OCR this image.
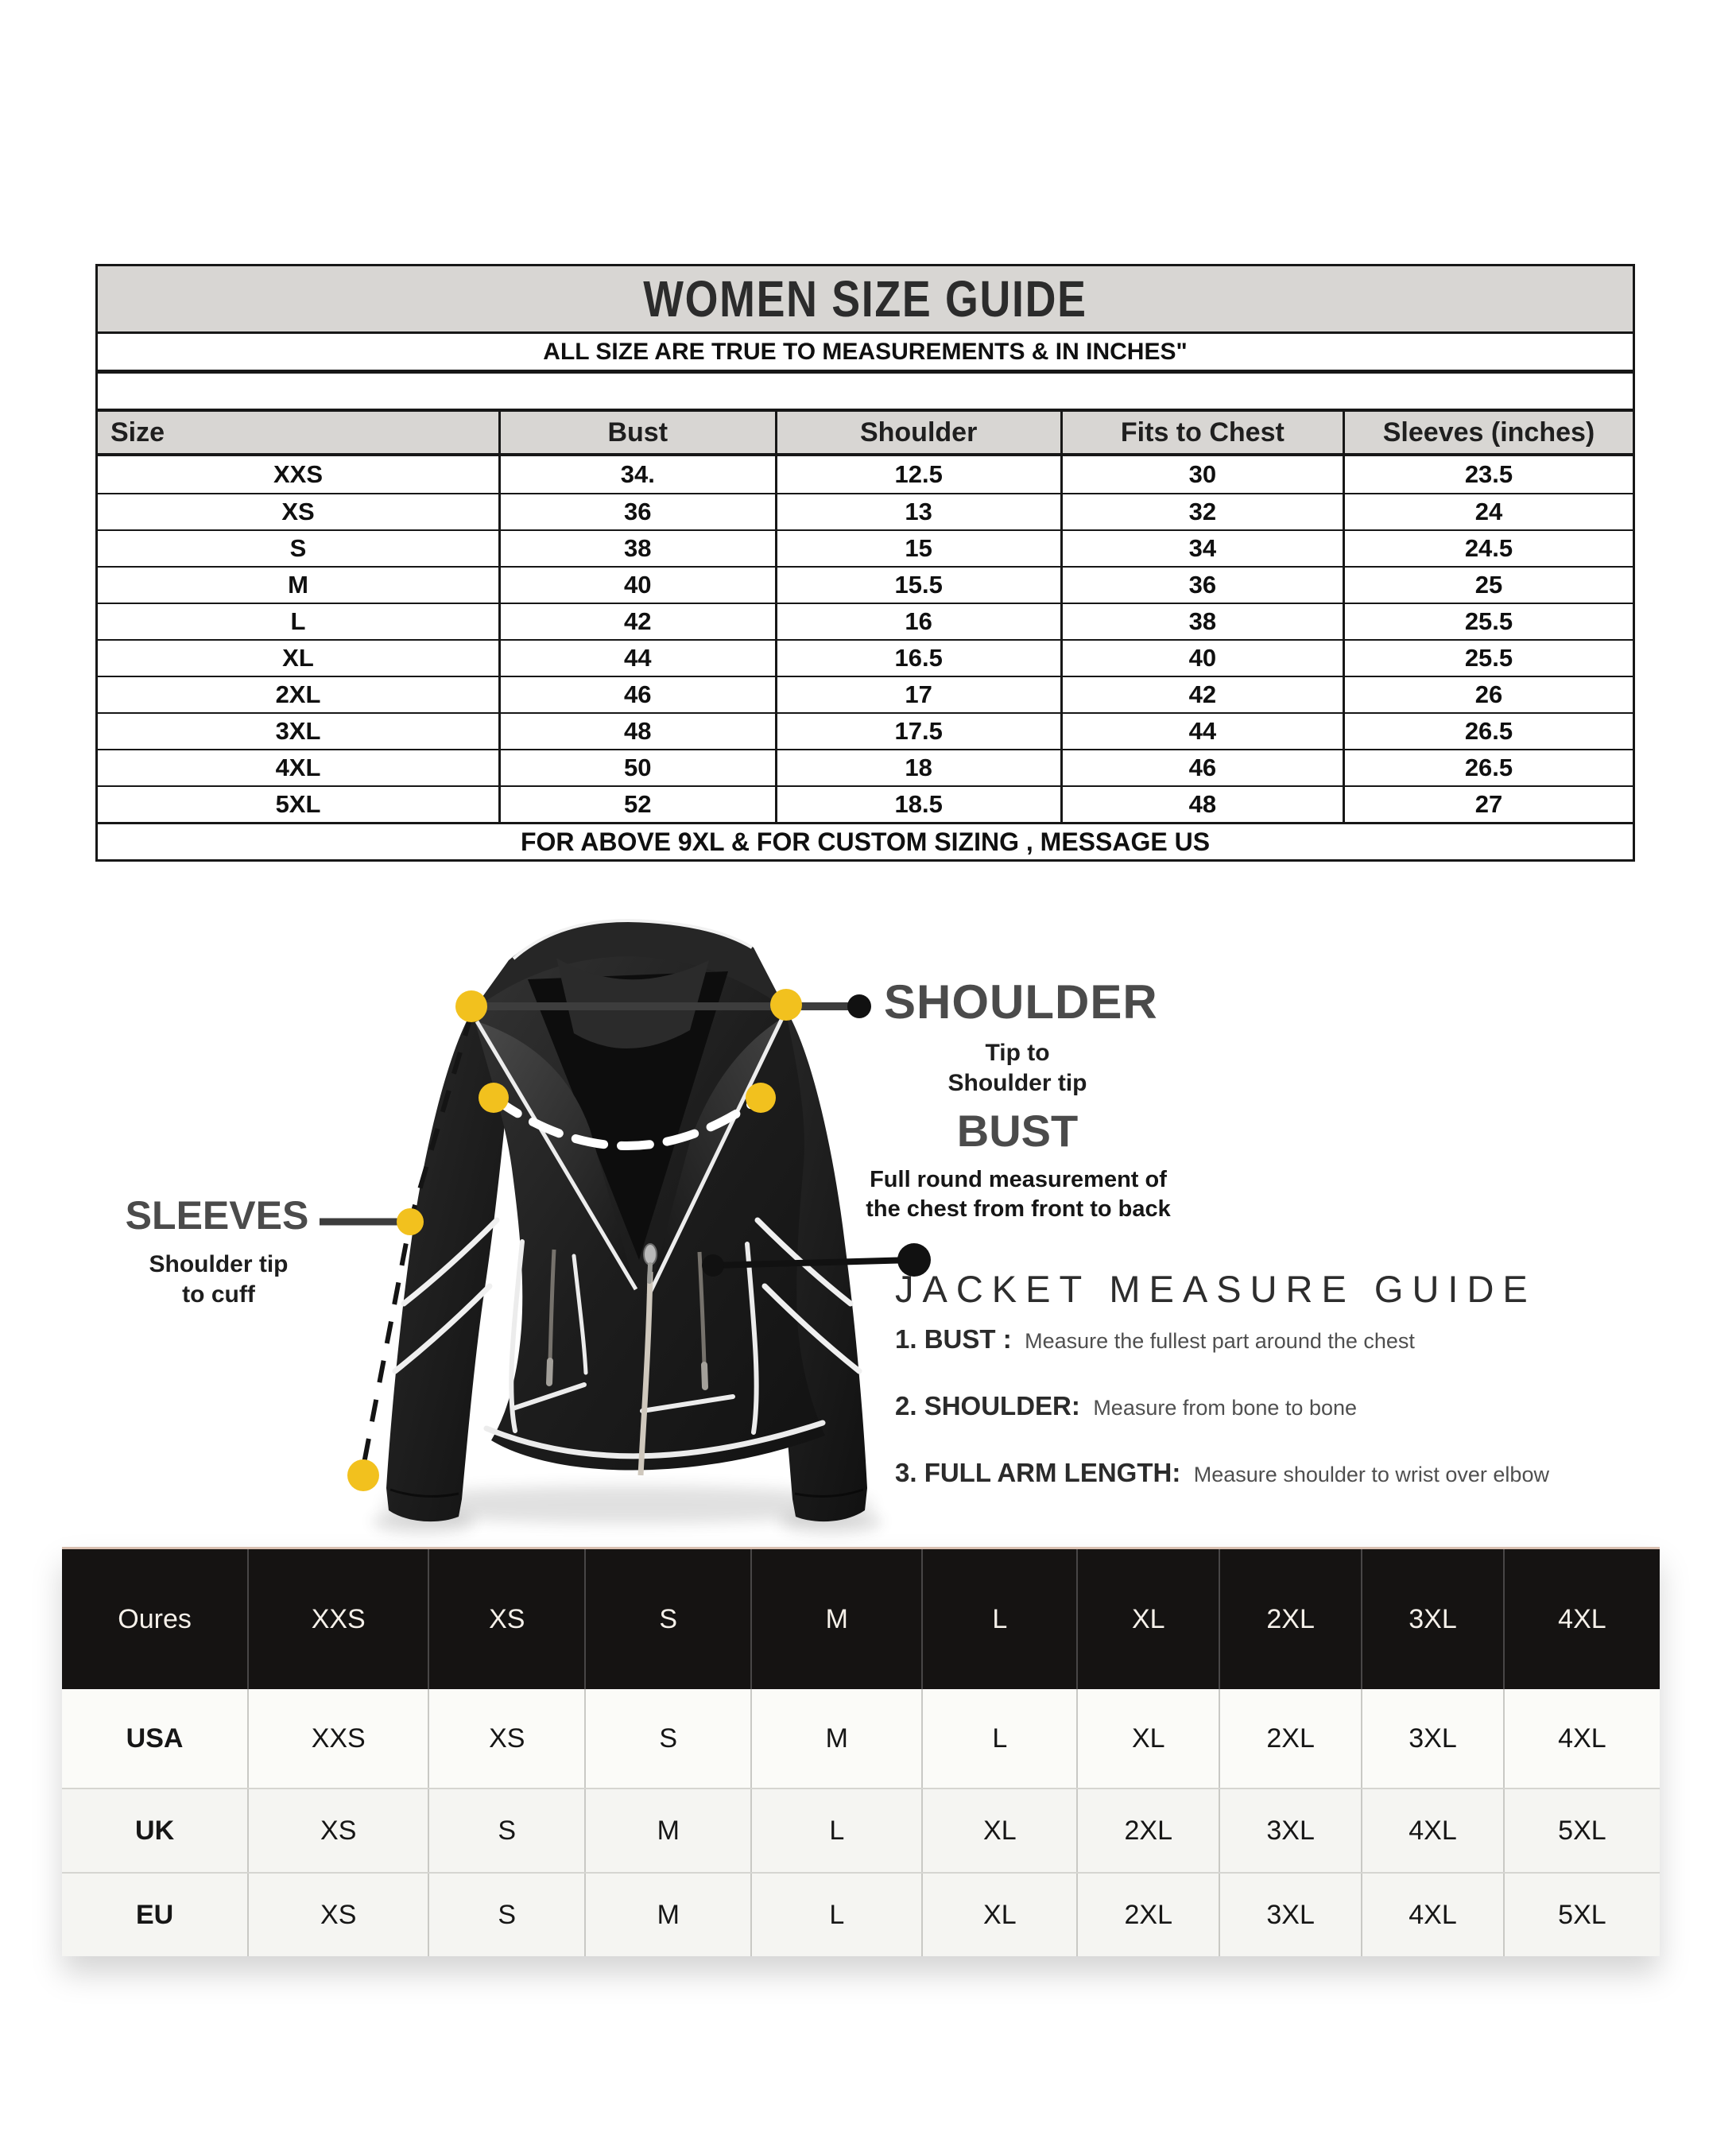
WOMEN SIZE GUIDE
ALL SIZE ARE TRUE TO MEASUREMENTS & IN INCHES"
Size	Bust	Shoulder	Fits to Chest	Sleeves (inches)
XXS	34.	12.5	30	23.5
XS	36	13	32	24
S	38	15	34	24.5
M	40	15.5	36	25
L	42	16	38	25.5
XL	44	16.5	40	25.5
2XL	46	17	42	26
3XL	48	17.5	44	26.5
4XL	50	18	46	26.5
5XL	52	18.5	48	27
FOR ABOVE 9XL & FOR CUSTOM SIZING , MESSAGE US
SHOULDER
Tip to
Shoulder tip
BUST
Full round measurement of
the chest from front to back
SLEEVES
Shoulder tip
to cuff	JACKET MEASURE GUIDE
1. BUST : Measure the fullest part around the chest
2. SHOULDER: Measure from bone to bone
3. FULL ARM LENGTH: Measure shoulder to wrist over elbow
Oures	XXS	XS	S	M	L	XL	2XL	3XL	4XL
USA	XXS	XS	S	M	L	XL	2XL	3XL	4XL
UK	XS	S	M	L	XL	2XL	3XL	4XL	5XL
EU	XS	S	M	L	XL	2XL	3XL	4XL	5XL
